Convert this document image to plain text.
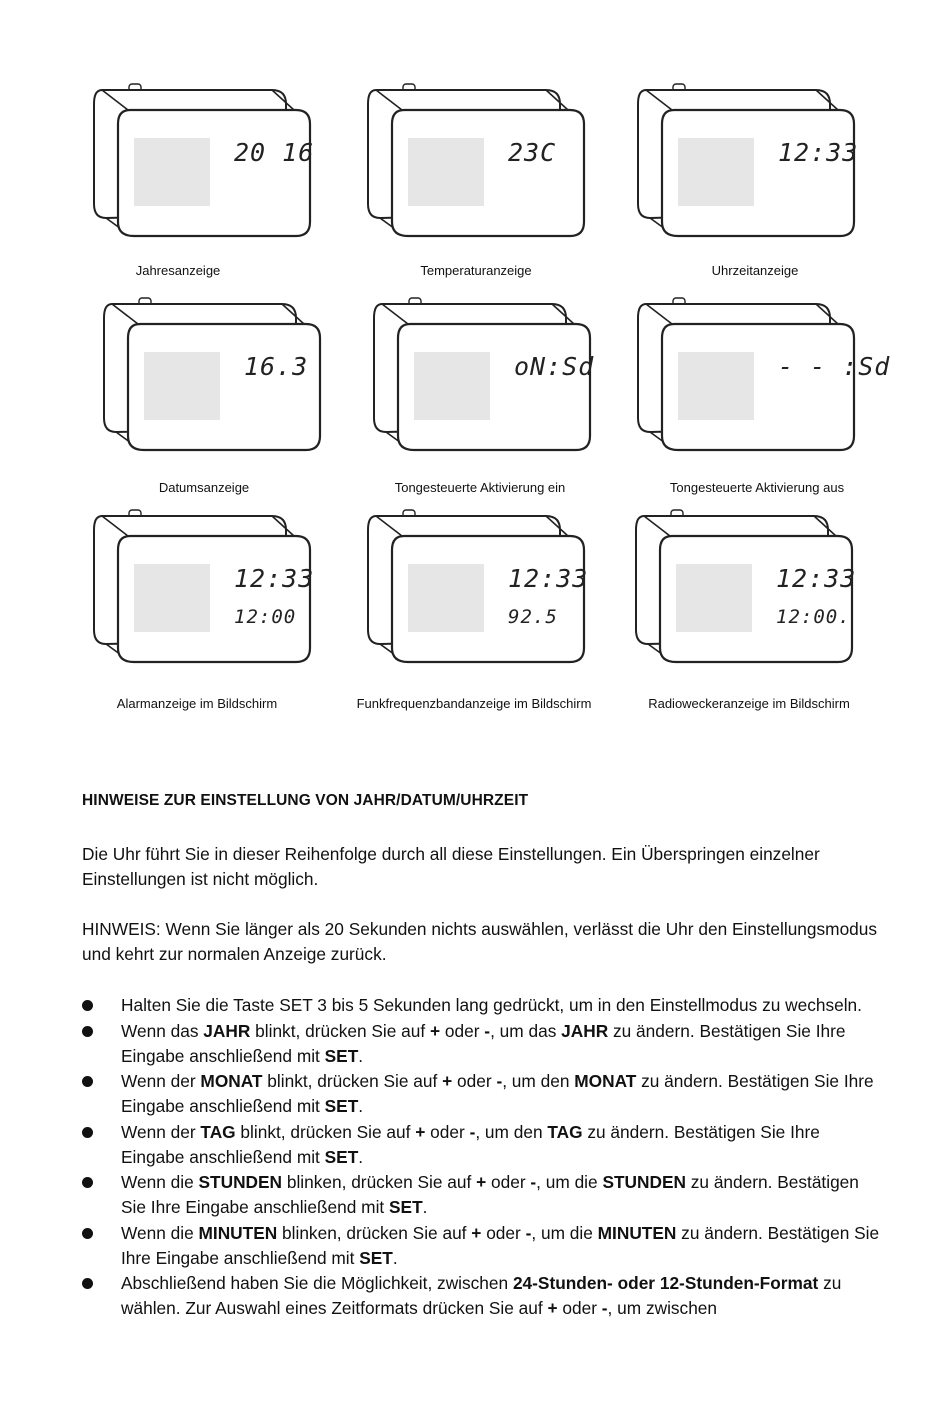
20 16
Jahresanzeige
23C
Temperaturanzeige
12:33
Uhrzeitanzeige
16.3
Datumsanzeige
oN:Sd
Tongesteuerte Aktivierung ein
- - :Sd
Tongesteuerte Aktivierung aus
12:33
12:00
Alarmanzeige im Bildschirm
12:33
92.5
Funkfrequenzbandanzeige im Bildschirm
12:33
12:00.
Radioweckeranzeige im Bildschirm
HINWEISE ZUR EINSTELLUNG VON JAHR/DATUM/UHRZEIT
Die Uhr führt Sie in dieser Reihenfolge durch all diese Einstellungen. Ein Überspringen einzelner Einstellungen ist nicht möglich.
HINWEIS: Wenn Sie länger als 20 Sekunden nichts auswählen, verlässt die Uhr den Einstellungsmodus und kehrt zur normalen Anzeige zurück.
Halten Sie die Taste SET 3 bis 5 Sekunden lang gedrückt, um in den Einstellmodus zu wechseln.
Wenn das JAHR blinkt, drücken Sie auf + oder -, um das JAHR zu ändern. Bestätigen Sie Ihre Eingabe anschließend mit SET.
Wenn der MONAT blinkt, drücken Sie auf + oder -, um den MONAT zu ändern. Bestätigen Sie Ihre Eingabe anschließend mit SET.
Wenn der TAG blinkt, drücken Sie auf + oder -, um den TAG zu ändern. Bestätigen Sie Ihre Eingabe anschließend mit SET.
Wenn die STUNDEN blinken, drücken Sie auf + oder -, um die STUNDEN zu ändern. Bestätigen Sie Ihre Eingabe anschließend mit SET.
Wenn die MINUTEN blinken, drücken Sie auf + oder -, um die MINUTEN zu ändern. Bestätigen Sie Ihre Eingabe anschließend mit SET.
Abschließend haben Sie die Möglichkeit, zwischen 24-Stunden- oder 12-Stunden-Format zu wählen. Zur Auswahl eines Zeitformats drücken Sie auf + oder -, um zwischen
